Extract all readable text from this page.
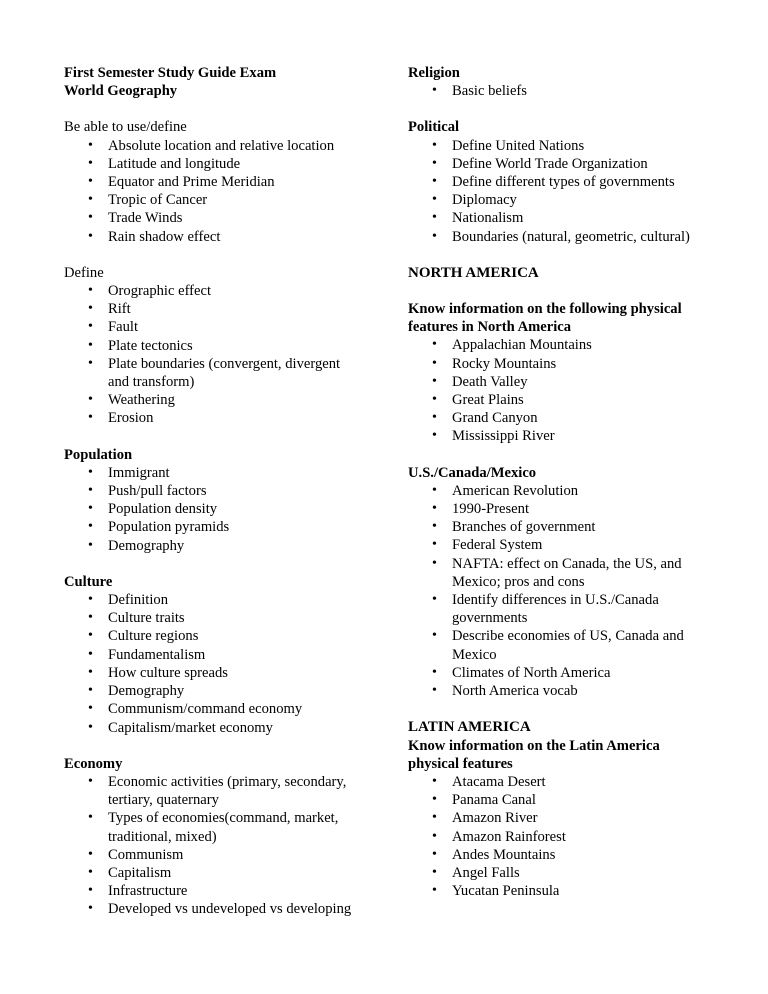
First Semester Study Guide Exam
World Geography
Be able to use/define
• Absolute location and relative location
• Latitude and longitude
• Equator and Prime Meridian
• Tropic of Cancer
• Trade Winds
• Rain shadow effect
Define
• Orographic effect
• Rift
• Fault
• Plate tectonics
• Plate boundaries (convergent, divergent and transform)
• Weathering
• Erosion
Population
• Immigrant
• Push/pull factors
• Population density
• Population pyramids
• Demography
Culture
• Definition
• Culture traits
• Culture regions
• Fundamentalism
• How culture spreads
• Demography
• Communism/command economy
• Capitalism/market economy
Economy
• Economic activities (primary, secondary, tertiary, quaternary
• Types of economies(command, market, traditional, mixed)
• Communism
• Capitalism
• Infrastructure
• Developed vs undeveloped vs developing
Religion
• Basic beliefs
Political
• Define United Nations
• Define World Trade Organization
• Define different types of governments
• Diplomacy
• Nationalism
• Boundaries (natural, geometric, cultural)
NORTH AMERICA
Know information on the following physical features in North America
• Appalachian Mountains
• Rocky Mountains
• Death Valley
• Great Plains
• Grand Canyon
• Mississippi River
U.S./Canada/Mexico
• American Revolution
• 1990-Present
• Branches of government
• Federal System
• NAFTA: effect on Canada, the US, and Mexico; pros and cons
• Identify differences in U.S./Canada governments
• Describe economies of US, Canada and Mexico
• Climates of North America
• North America vocab
LATIN AMERICA
Know information on the Latin America physical features
• Atacama Desert
• Panama Canal
• Amazon River
• Amazon Rainforest
• Andes Mountains
• Angel Falls
• Yucatan Peninsula
